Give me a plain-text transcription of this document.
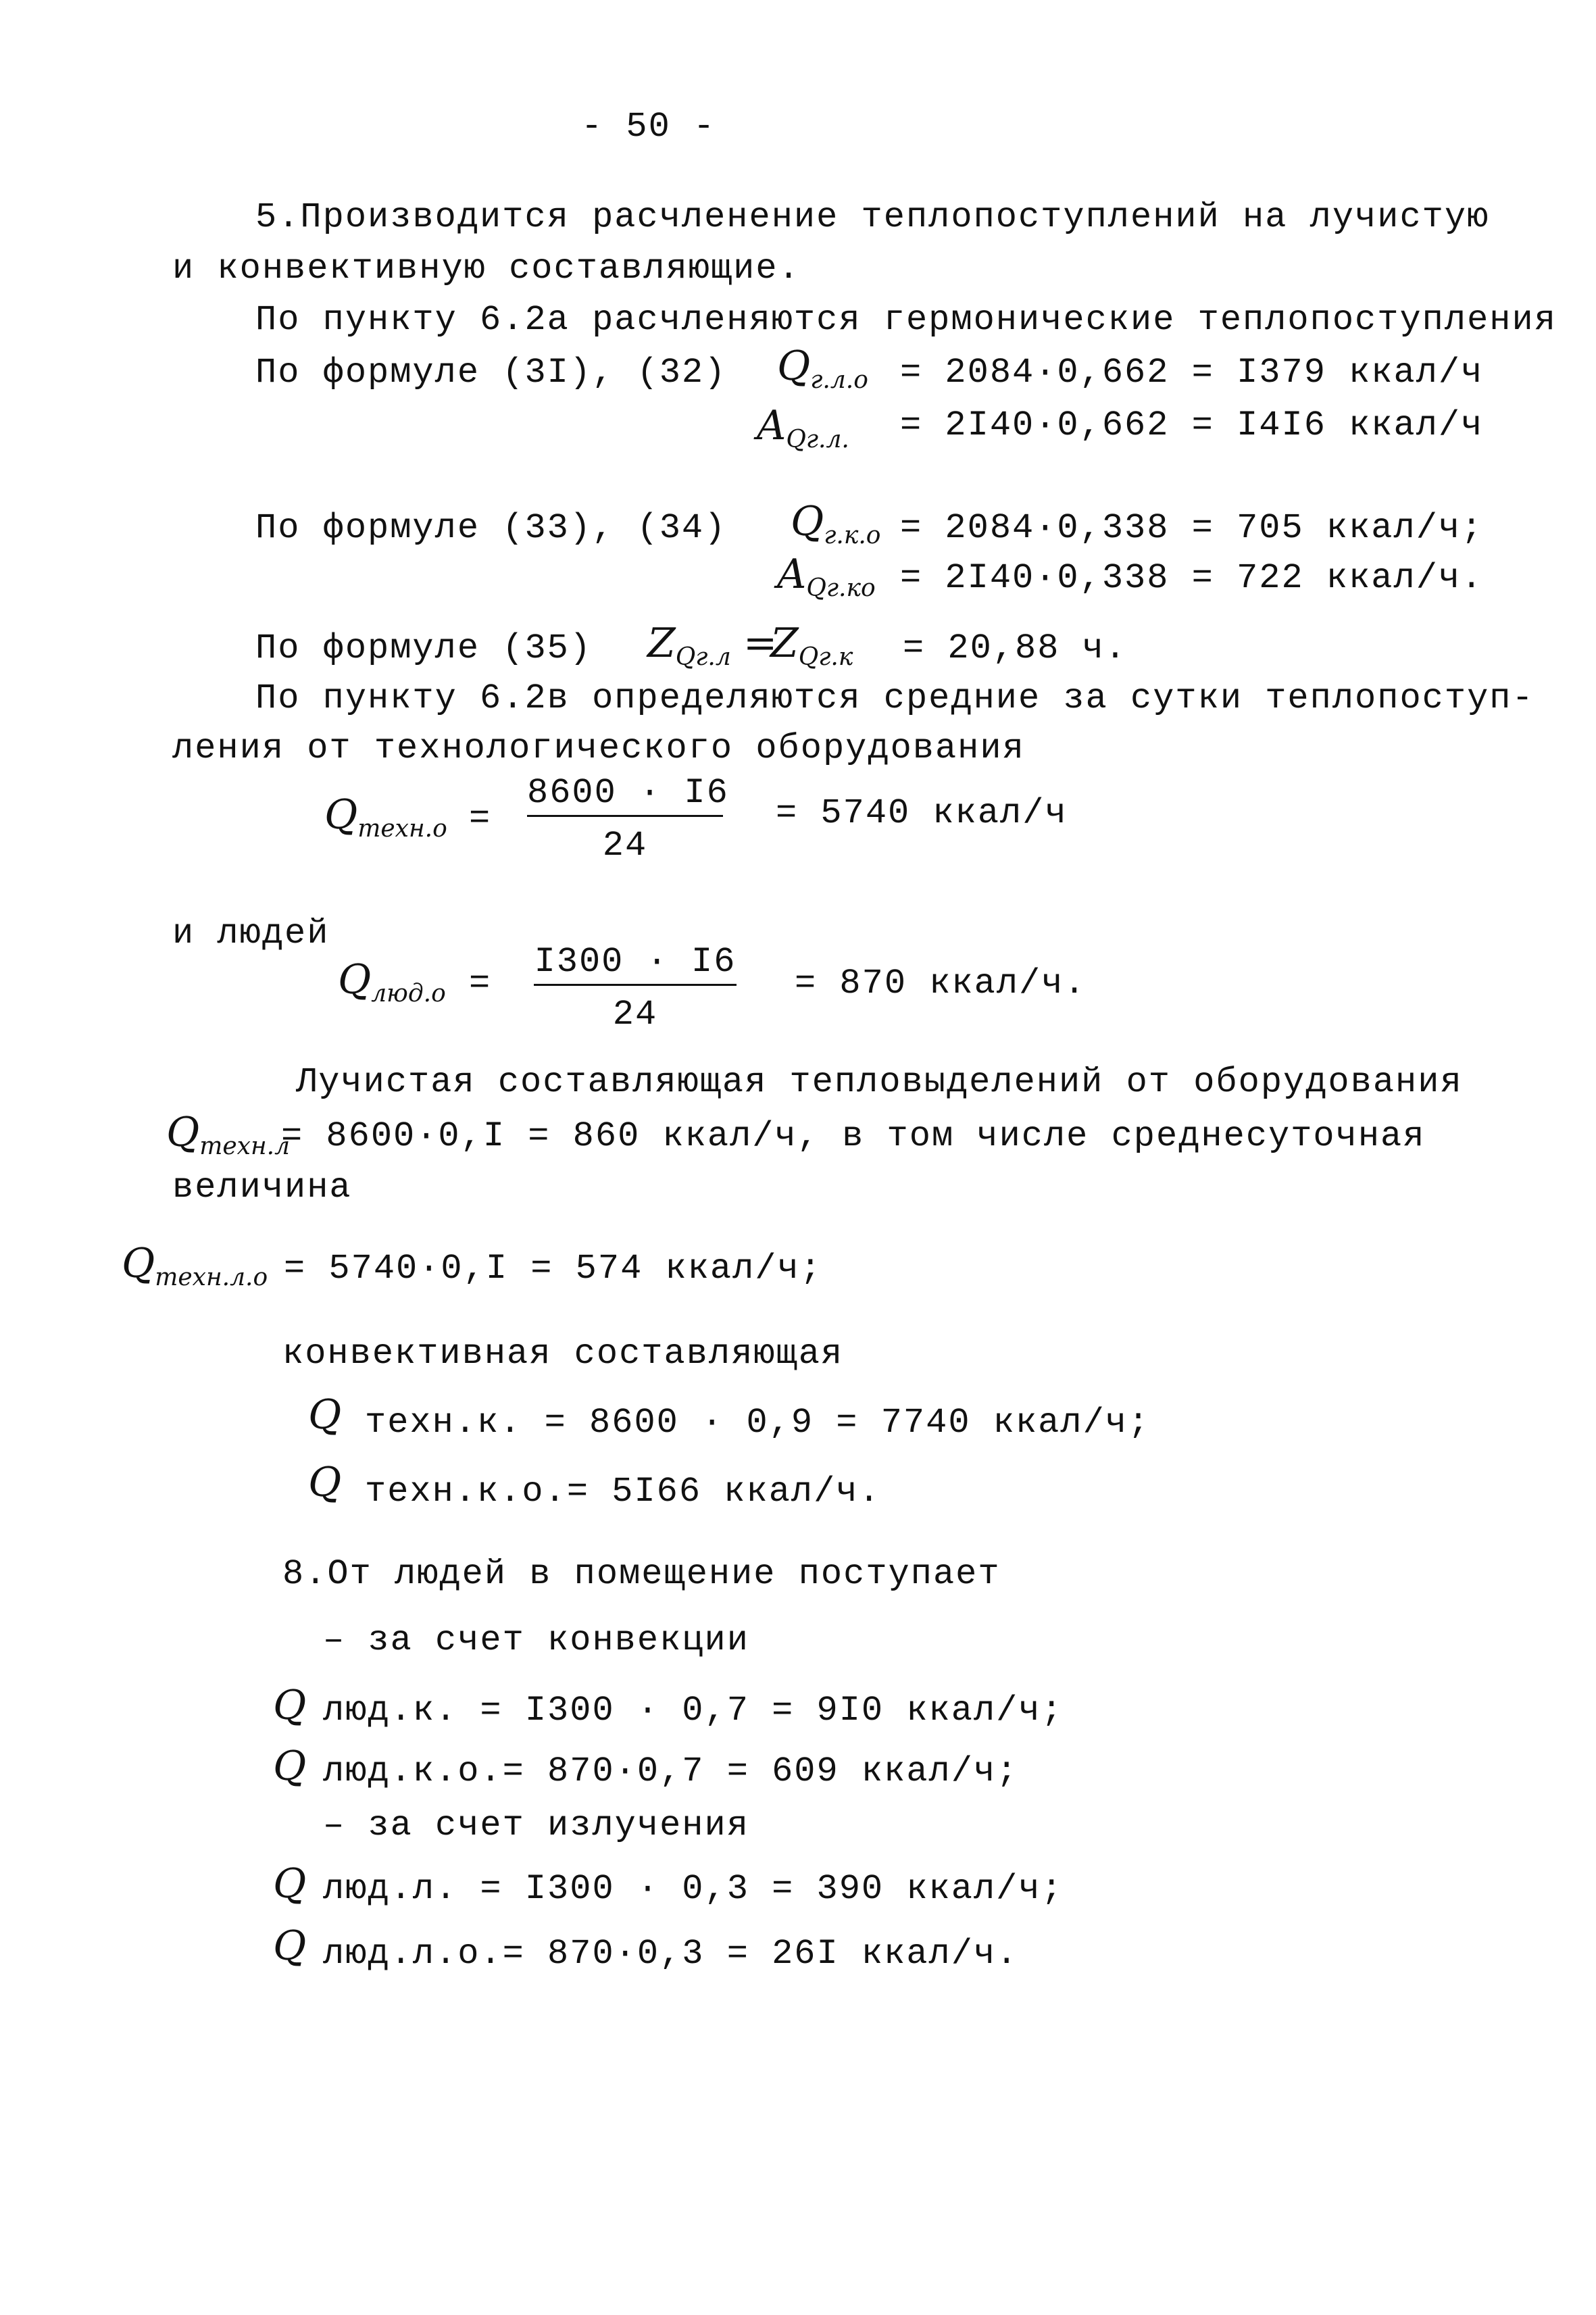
- 50 -
5.Производится расчленение теплопоступлений на лучистую
и конвективную составляющие.
По пункту 6.2а расчленяются гермонические теплопоступления
По формуле (3I), (32) $Q_{г.л.о} = 2084\cdot 0,662 = I379$ ккал/ч
$A_{Qг.л.} = 2I40\cdot 0,662 = I4I6$ ккал/ч
По формуле (33), (34) $Q_{г.к.о} = 2084\cdot 0,338 = 705$ ккал/ч;
$A_{Qг.ко} = 2I40\cdot 0,338 = 722$ ккал/ч.
По формуле (35) $Z_{Qг.л}$ =
$Z_{Qг.к} = 20,88$ ч.
По пункту 6.2в определяются средние за сутки теплопоступ-
ления от технологического оборудования
$Q_{техн.о}$ =
8600 · I6
24
= 5740 ккал/ч
и людей
$Q_{люд.о}$ =
I300 · I6
24
= 870 ккал/ч.
Лучистая составляющая тепловыделений от оборудования
$Q_{техн.л}$
= 8600·0,I = 860 ккал/ч, в том числе среднесуточная
величина
$Q_{техн.л.о} = 5740\cdot 0,I = 574$ ккал/ч;
конвективная составляющая
Q техн.к. = 8600 · 0,9 = 7740 ккал/ч;
Q техн.к.о.= 5I66 ккал/ч.
8.От людей в помещение поступает
– за счет конвекции
Q люд.к. = I300 · 0,7 = 9I0 ккал/ч;
Q люд.к.о.= 870·0,7 = 609 ккал/ч;
– за счет излучения
Q люд.л. = I300 · 0,3 = 390 ккал/ч;
Q люд.л.о.= 870·0,3 = 26I ккал/ч.
